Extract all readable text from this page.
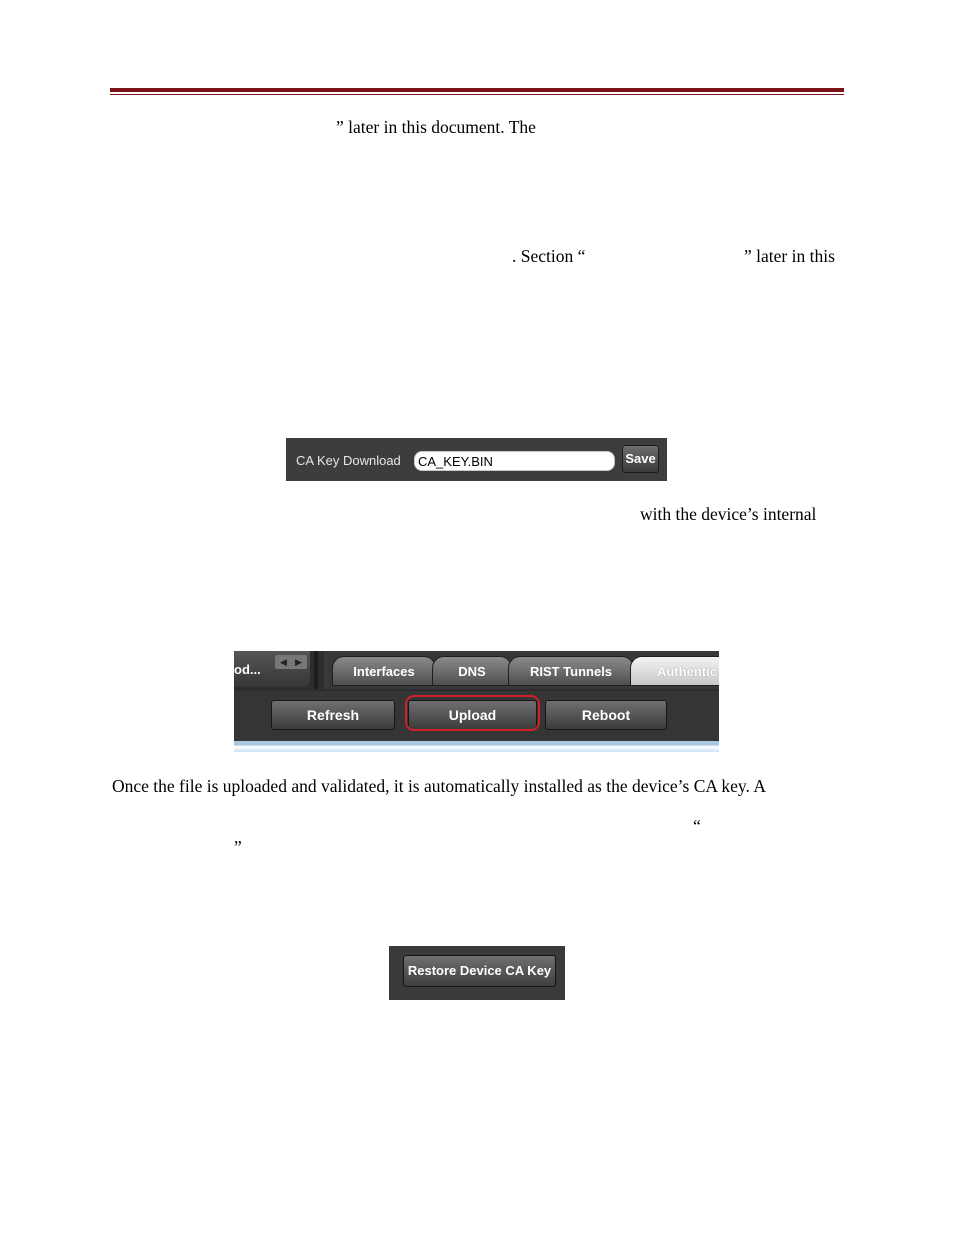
” later in this document. The
. Section “	” later in this
CA Key Download	CA_KEY.BIN	Save
with the device’s internal
od...	◀ ▶
Interfaces	DNS	RIST Tunnels	Authentic
Refresh	Upload	Reboot
Once the file is uploaded and validated, it is automatically installed as the device’s CA key. A
“
”
Restore Device CA Key
